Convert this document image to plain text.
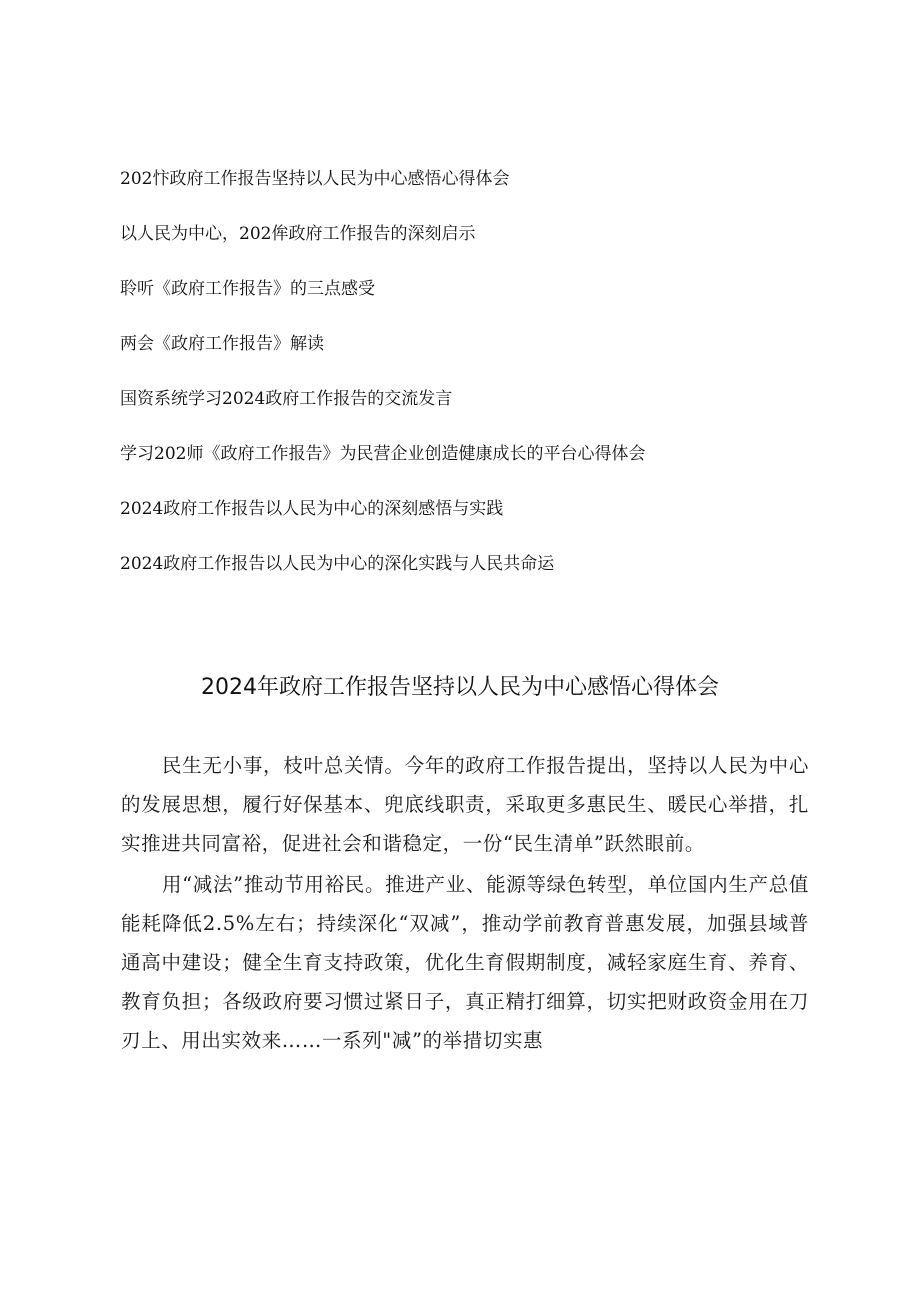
202忭政府工作报告坚持以人民为中心感悟心得体会
以人民为中心，202侔政府工作报告的深刻启示
聆听《政府工作报告》的三点感受
两会《政府工作报告》解读
国资系统学习2024政府工作报告的交流发言
学习202师《政府工作报告》为民营企业创造健康成长的平台心得体会
2024政府工作报告以人民为中心的深刻感悟与实践
2024政府工作报告以人民为中心的深化实践与人民共命运
2024年政府工作报告坚持以人民为中心感悟心得体会

民生无小事，枝叶总关情。今年的政府工作报告提出，坚持以人民为中心的发展思想，履行好保基本、兜底线职责，采取更多惠民生、暖民心举措，扎实推进共同富裕，促进社会和谐稳定，一份“民生清单”跃然眼前。

用“减法”推动节用裕民。推进产业、能源等绿色转型，单位国内生产总值能耗降低2.5%左右；持续深化“双减”，推动学前教育普惠发展，加强县域普通高中建设；健全生育支持政策，优化生育假期制度，减轻家庭生育、养育、教育负担；各级政府要习惯过紧日子，真正精打细算，切实把财政资金用在刀刃上、用出实效来……一系列"减”的举措切实惠
